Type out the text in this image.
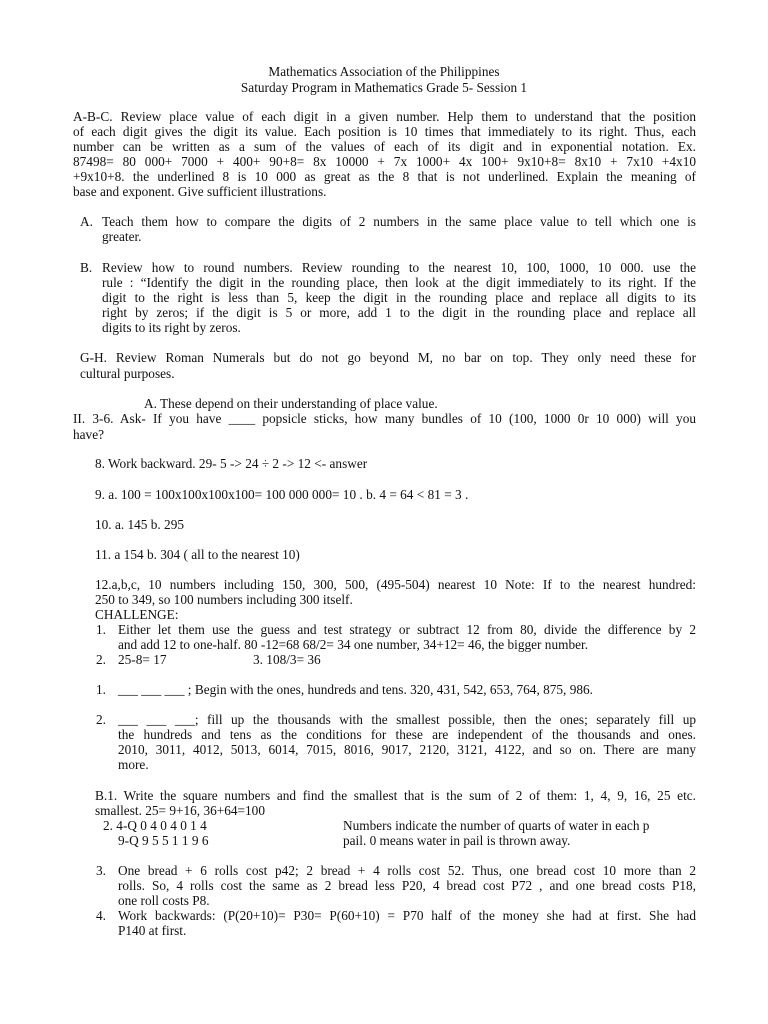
Mathematics Association of the Philippines
Saturday Program in Mathematics Grade 5- Session 1
A-B-C. Review place value of each digit in a given number. Help them to understand that the position
of each digit gives the digit its value. Each position is 10 times that immediately to its right. Thus, each
number can be written as a sum of the values of each of its digit and in exponential notation. Ex.
87498= 80 000+ 7000 + 400+ 90+8= 8x 10000 + 7x 1000+ 4x 100+ 9x10+8= 8x10 + 7x10 +4x10
+9x10+8. the underlined 8 is 10 000 as great as the 8 that is not underlined. Explain the meaning of
base and exponent. Give sufficient illustrations.
A. Teach them how to compare the digits of 2 numbers in the same place value to tell which one is
greater.
B. Review how to round numbers. Review rounding to the nearest 10, 100, 1000, 10 000. use the
rule : “Identify the digit in the rounding place, then look at the digit immediately to its right. If the
digit to the right is less than 5, keep the digit in the rounding place and replace all digits to its
right by zeros; if the digit is 5 or more, add 1 to the digit in the rounding place and replace all
digits to its right by zeros.
G-H. Review Roman Numerals but do not go beyond M, no bar on top. They only need these for
cultural purposes.
A. These depend on their understanding of place value.
II. 3-6. Ask- If you have ____ popsicle sticks, how many bundles of 10 (100, 1000 0r 10 000) will you
have?
8. Work backward. 29- 5 -> 24 ÷ 2 -> 12 <- answer
9. a. 100 = 100x100x100x100= 100 000 000= 10 . b. 4 = 64 < 81 = 3 .
10. a. 145 b. 295
11. a 154 b. 304 ( all to the nearest 10)
12.a,b,c, 10 numbers including 150, 300, 500, (495-504) nearest 10 Note: If to the nearest hundred:
250 to 349, so 100 numbers including 300 itself.
CHALLENGE:
1. Either let them use the guess and test strategy or subtract 12 from 80, divide the difference by 2
and add 12 to one-half. 80 -12=68 68/2= 34 one number, 34+12= 46, the bigger number.
2. 25-8= 17	3. 108/3= 36
1. ___ ___ ___ ; Begin with the ones, hundreds and tens. 320, 431, 542, 653, 764, 875, 986.
2. ___ ___ ___; fill up the thousands with the smallest possible, then the ones; separately fill up
the hundreds and tens as the conditions for these are independent of the thousands and ones.
2010, 3011, 4012, 5013, 6014, 7015, 8016, 9017, 2120, 3121, 4122, and so on. There are many
more.
B.1. Write the square numbers and find the smallest that is the sum of 2 of them: 1, 4, 9, 16, 25 etc.
smallest. 25= 9+16, 36+64=100
2. 4-Q 0 4 0 4 0 1 4
9-Q 9 5 5 1 1 9 6
Numbers indicate the number of quarts of water in each p
pail. 0 means water in pail is thrown away.
3. One bread + 6 rolls cost p42; 2 bread + 4 rolls cost 52. Thus, one bread cost 10 more than 2
rolls. So, 4 rolls cost the same as 2 bread less P20, 4 bread cost P72 , and one bread costs P18,
one roll costs P8.
4. Work backwards: (P(20+10)= P30= P(60+10) = P70 half of the money she had at first. She had
P140 at first.
